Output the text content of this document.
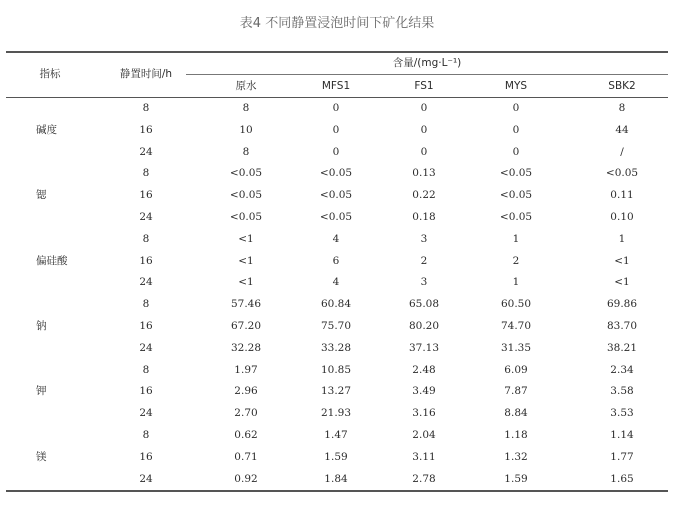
表4 不同静置浸泡时间下矿化结果
指标	静置时间/h
含量/(mg·L⁻¹)
原水	MFS1	FS1	MYS	SBK2
碱度
8	8	0	0	0	8
16	10	0	0	0	44
24	8	0	0	0	/
锶
8	<0.05	<0.05	0.13	<0.05	<0.05
16	<0.05	<0.05	0.22	<0.05	0.11
24	<0.05	<0.05	0.18	<0.05	0.10
偏硅酸
8	<1	4	3	1	1
16	<1	6	2	2	<1
24	<1	4	3	1	<1
钠
8	57.46	60.84	65.08	60.50	69.86
16	67.20	75.70	80.20	74.70	83.70
24	32.28	33.28	37.13	31.35	38.21
钾
8	1.97	10.85	2.48	6.09	2.34
16	2.96	13.27	3.49	7.87	3.58
24	2.70	21.93	3.16	8.84	3.53
镁
8	0.62	1.47	2.04	1.18	1.14
16	0.71	1.59	3.11	1.32	1.77
24	0.92	1.84	2.78	1.59	1.65
